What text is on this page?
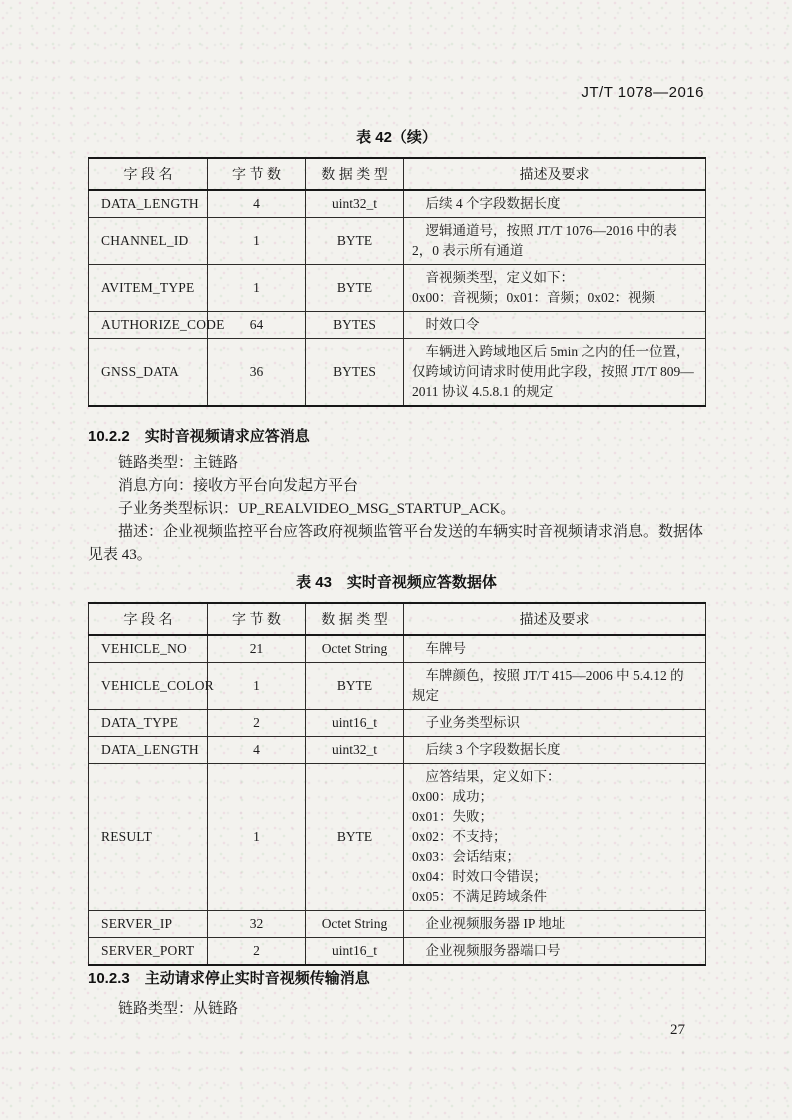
JT/T 1078—2016
表 42（续）
字 段 名	字 节 数	数 据 类 型	描述及要求
DATA_LENGTH	4	uint32_t	后续 4 个字段数据长度

CHANNEL_ID	1	BYTE	逻辑通道号，按照 JT/T 1076—2016 中的表 2，0 表示所有通道

AVITEM_TYPE	1	BYTE	音视频类型，定义如下：
0x00：音视频；0x01：音频；0x02：视频

AUTHORIZE_CODE	64	BYTES	时效口令

GNSS_DATA	36	BYTES	车辆进入跨域地区后 5min 之内的任一位置，仅跨域访问请求时使用此字段，按照 JT/T 809—2011 协议 4.5.8.1 的规定
10.2.2 实时音视频请求应答消息

链路类型：主链路

消息方向：接收方平台向发起方平台

子业务类型标识：UP_REALVIDEO_MSG_STARTUP_ACK。

描述：企业视频监控平台应答政府视频监管平台发送的车辆实时音视频请求消息。数据体见表 43。

表 43　实时音视频应答数据体
字 段 名	字 节 数	数 据 类 型	描述及要求
VEHICLE_NO	21	Octet String	车牌号

VEHICLE_COLOR	1	BYTE	车牌颜色，按照 JT/T 415—2006 中 5.4.12 的规定

DATA_TYPE	2	uint16_t	子业务类型标识

DATA_LENGTH	4	uint32_t	后续 3 个字段数据长度

RESULT	1	BYTE	
应答结果，定义如下：
0x00：成功；
0x01：失败；
0x02：不支持；
0x03：会话结束；
0x04：时效口令错误；
0x05：不满足跨域条件

SERVER_IP	32	Octet String	企业视频服务器 IP 地址

SERVER_PORT	2	uint16_t	企业视频服务器端口号
10.2.3 主动请求停止实时音视频传输消息

链路类型：从链路

27
